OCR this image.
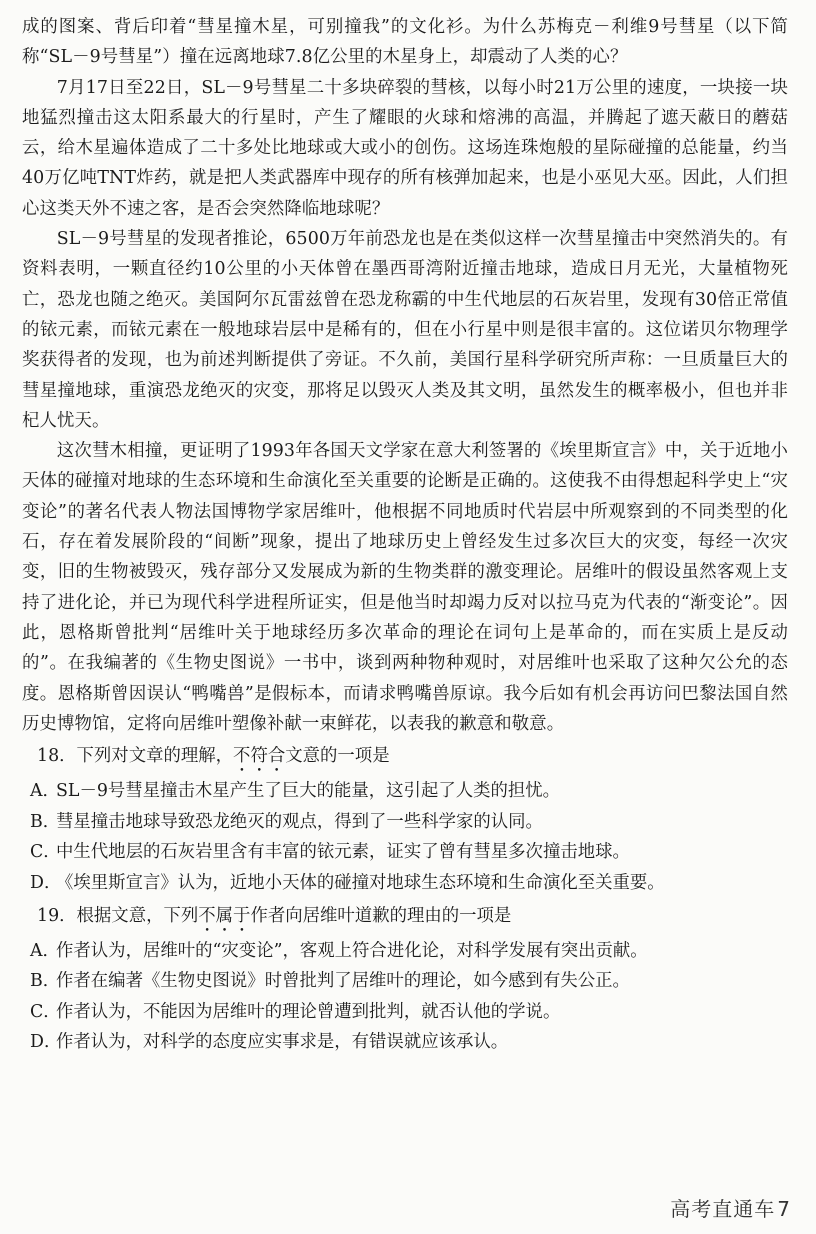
成的图案、背后印着“彗星撞木星，可别撞我”的文化衫。为什么苏梅克－利维9号彗星（以下简称“SL－9号彗星”）撞在远离地球7.8亿公里的木星身上，却震动了人类的心？

7月17日至22日，SL－9号彗星二十多块碎裂的彗核，以每小时21万公里的速度，一块接一块地猛烈撞击这太阳系最大的行星时，产生了耀眼的火球和熔沸的高温，并腾起了遮天蔽日的蘑菇云，给木星遍体造成了二十多处比地球或大或小的创伤。这场连珠炮般的星际碰撞的总能量，约当40万亿吨TNT炸药，就是把人类武器库中现存的所有核弹加起来，也是小巫见大巫。因此，人们担心这类天外不速之客，是否会突然降临地球呢？

SL－9号彗星的发现者推论，6500万年前恐龙也是在类似这样一次彗星撞击中突然消失的。有资料表明，一颗直径约10公里的小天体曾在墨西哥湾附近撞击地球，造成日月无光，大量植物死亡，恐龙也随之绝灭。美国阿尔瓦雷兹曾在恐龙称霸的中生代地层的石灰岩里，发现有30倍正常值的铱元素，而铱元素在一般地球岩层中是稀有的，但在小行星中则是很丰富的。这位诺贝尔物理学奖获得者的发现，也为前述判断提供了旁证。不久前，美国行星科学研究所声称：一旦质量巨大的彗星撞地球，重演恐龙绝灭的灾变，那将足以毁灭人类及其文明，虽然发生的概率极小，但也并非杞人忧天。

这次彗木相撞，更证明了1993年各国天文学家在意大利签署的《埃里斯宣言》中，关于近地小天体的碰撞对地球的生态环境和生命演化至关重要的论断是正确的。这使我不由得想起科学史上“灾变论”的著名代表人物法国博物学家居维叶，他根据不同地质时代岩层中所观察到的不同类型的化石，存在着发展阶段的“间断”现象，提出了地球历史上曾经发生过多次巨大的灾变，每经一次灾变，旧的生物被毁灭，残存部分又发展成为新的生物类群的激变理论。居维叶的假设虽然客观上支持了进化论，并已为现代科学进程所证实，但是他当时却竭力反对以拉马克为代表的“渐变论”。因此，恩格斯曾批判“居维叶关于地球经历多次革命的理论在词句上是革命的，而在实质上是反动的”。在我编著的《生物史图说》一书中，谈到两种物种观时，对居维叶也采取了这种欠公允的态度。恩格斯曾因误认“鸭嘴兽”是假标本，而请求鸭嘴兽原谅。我今后如有机会再访问巴黎法国自然历史博物馆，定将向居维叶塑像补献一束鲜花，以表我的歉意和敬意。

18．下列对文章的理解，不符合文意的一项是

A．SL－9号彗星撞击木星产生了巨大的能量，这引起了人类的担忧。

B．彗星撞击地球导致恐龙绝灭的观点，得到了一些科学家的认同。

C．中生代地层的石灰岩里含有丰富的铱元素，证实了曾有彗星多次撞击地球。

D．《埃里斯宣言》认为，近地小天体的碰撞对地球生态环境和生命演化至关重要。

19．根据文意，下列不属于作者向居维叶道歉的理由的一项是

A．作者认为，居维叶的“灾变论”，客观上符合进化论，对科学发展有突出贡献。

B．作者在编著《生物史图说》时曾批判了居维叶的理论，如今感到有失公正。

C．作者认为，不能因为居维叶的理论曾遭到批判，就否认他的学说。

D．作者认为，对科学的态度应实事求是，有错误就应该承认。

高考直通车 7
